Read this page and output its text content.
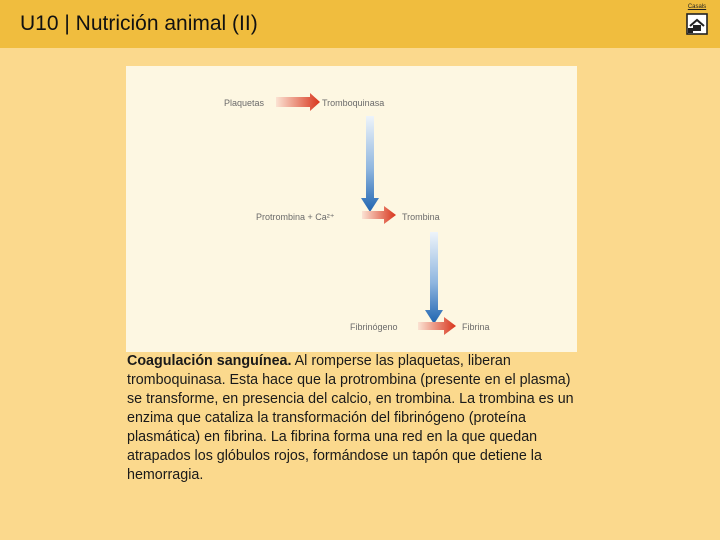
U10 | Nutrición animal (II)
Casals
Plaquetas	Tromboquinasa
Protrombina + Ca²⁺	Trombina
Fibrinógeno	Fibrina
Coagulación sanguínea. Al romperse las plaquetas, liberan tromboquinasa. Esta hace que la protrombina (presente en el plasma) se transforme, en presencia del calcio, en trombina. La trombina es un enzima que cataliza la transformación del fibrinógeno (proteína plasmática) en fibrina. La fibrina forma una red en la que quedan atrapados los glóbulos rojos, formándose un tapón que detiene la hemorragia.
